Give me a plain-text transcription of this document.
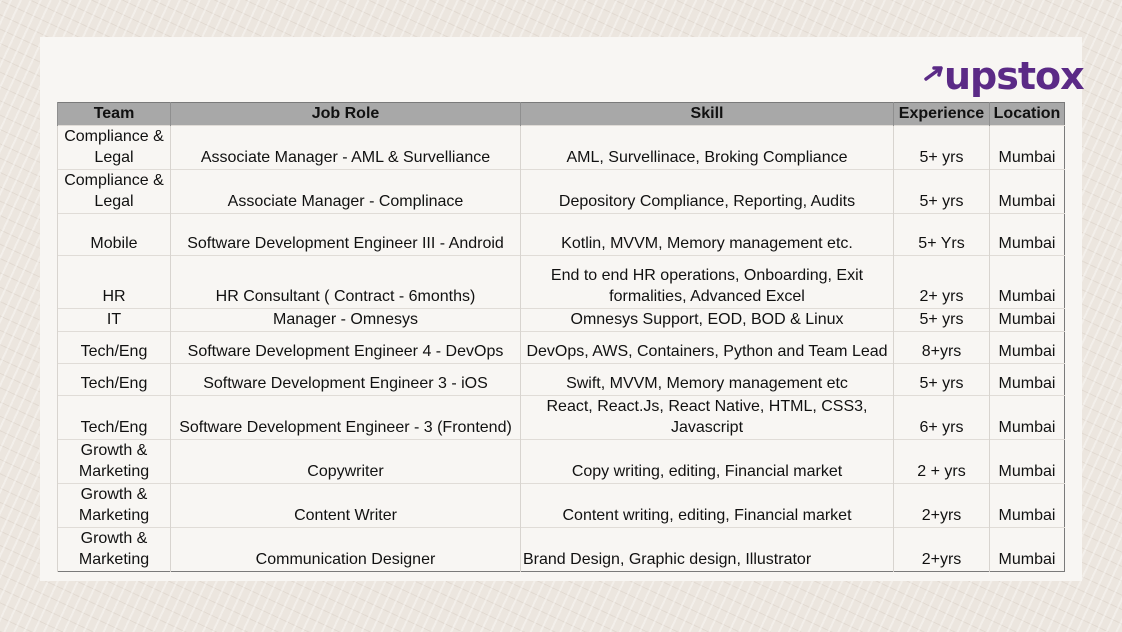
upstox
Team	Job Role	Skill	Experience	Location
Compliance & Legal	Associate Manager - AML & Survelliance	AML, Survellinace, Broking Compliance	5+ yrs	Mumbai
Compliance & Legal	Associate Manager - Complinace	Depository Compliance, Reporting, Audits	5+ yrs	Mumbai
Mobile	Software Development Engineer III - Android	Kotlin, MVVM, Memory management etc.	5+ Yrs	Mumbai
HR	HR Consultant ( Contract - 6months)	End to end HR operations, Onboarding, Exit formalities, Advanced Excel	2+ yrs	Mumbai
IT	Manager - Omnesys	Omnesys Support, EOD, BOD & Linux	5+ yrs	Mumbai
Tech/Eng	Software Development Engineer 4 - DevOps	DevOps, AWS, Containers, Python and Team Lead	8+yrs	Mumbai
Tech/Eng	Software Development Engineer 3 - iOS	Swift, MVVM, Memory management etc	5+ yrs	Mumbai
Tech/Eng	Software Development Engineer - 3 (Frontend)	React, React.Js, React Native, HTML, CSS3, Javascript	6+ yrs	Mumbai
Growth & Marketing	Copywriter	Copy writing, editing, Financial market	2 + yrs	Mumbai
Growth & Marketing	Content Writer	Content writing, editing, Financial market	2+yrs	Mumbai
Growth & Marketing	Communication Designer	Brand Design, Graphic design, Illustrator	2+yrs	Mumbai
